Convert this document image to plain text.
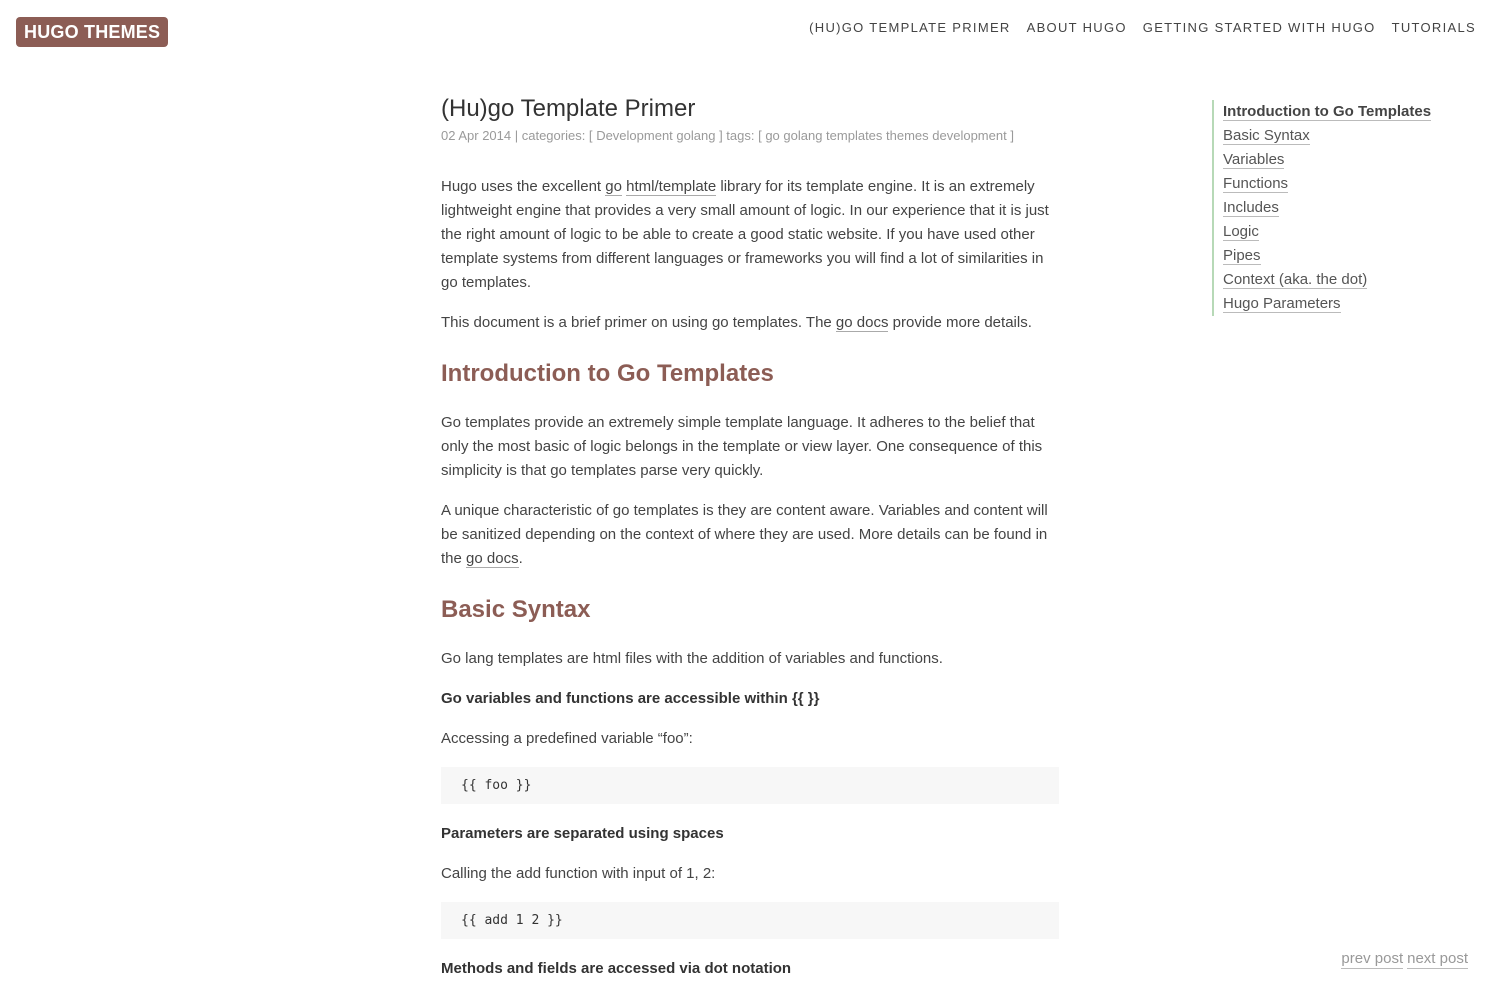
HUGO THEMES	(HU)GO TEMPLATE PRIMER ABOUT HUGO GETTING STARTED WITH HUGO TUTORIALS
(Hu)go Template Primer
02 Apr 2014 | categories: [ Development golang ] tags: [ go golang templates themes development ]

Hugo uses the excellent go html/template library for its template engine. It is an extremely lightweight engine that provides a very small amount of logic. In our experience that it is just the right amount of logic to be able to create a good static website. If you have used other template systems from different languages or frameworks you will find a lot of similarities in go templates.

This document is a brief primer on using go templates. The go docs provide more details.

Introduction to Go Templates

Go templates provide an extremely simple template language. It adheres to the belief that only the most basic of logic belongs in the template or view layer. One consequence of this simplicity is that go templates parse very quickly.

A unique characteristic of go templates is they are content aware. Variables and content will be sanitized depending on the context of where they are used. More details can be found in the go docs.

Basic Syntax

Go lang templates are html files with the addition of variables and functions.

Go variables and functions are accessible within {{ }}

Accessing a predefined variable “foo”:

{{ foo }}

Parameters are separated using spaces

Calling the add function with input of 1, 2:

{{ add 1 2 }}

Methods and fields are accessed via dot notation

Introduction to Go Templates
Basic Syntax
Variables
Functions
Includes
Logic
Pipes
Context (aka. the dot)
Hugo Parameters
prev post next post
